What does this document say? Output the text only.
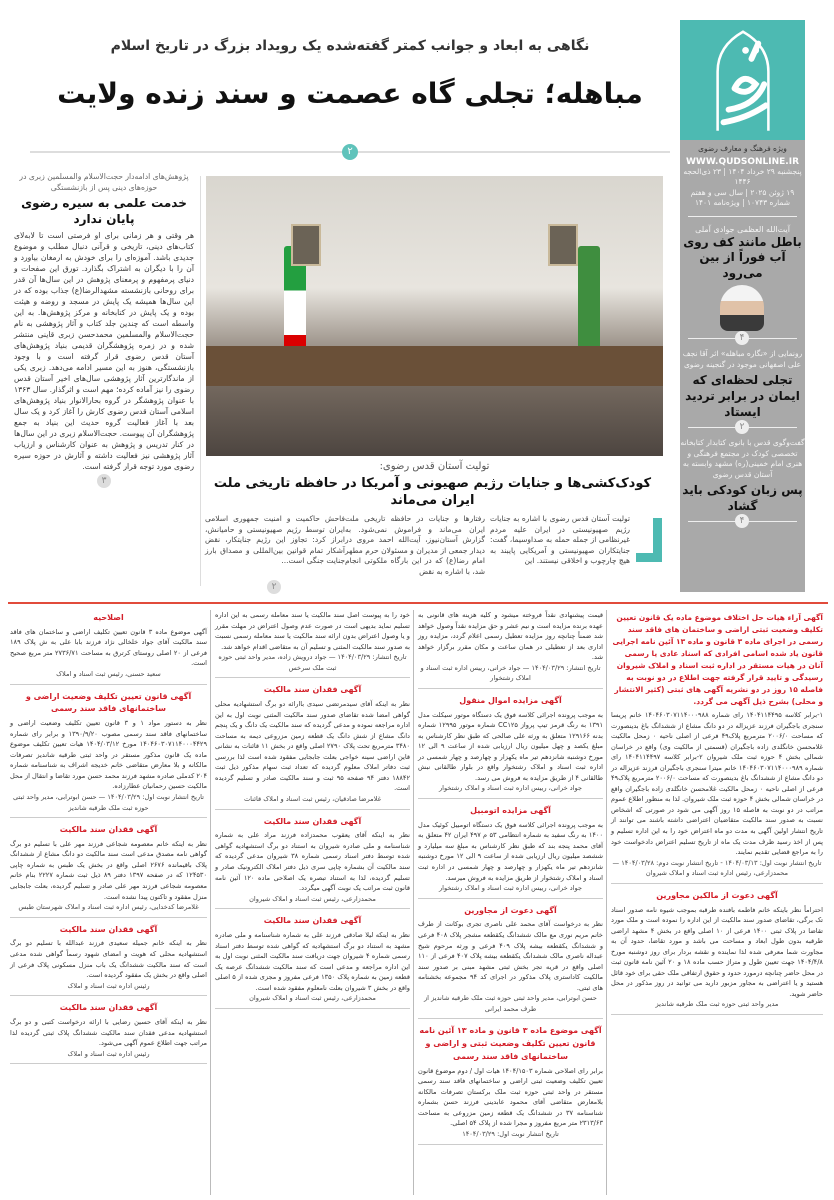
نگاهی به ابعاد و جوانب کمتر گفته‌شده یک رویداد بزرگ در تاریخ اسلام
مباهله؛ تجلی گاه عصمت و سند زنده ولایت
۲	ویژه فرهنگ و معارف رضوی
WWW.QUDSONLINE.IR
پنجشنبه ۲۹ خرداد ۱۴۰۴ | ۲۳ ذی‌الحجه ۱۴۴۶
۱۹ ژوئن ۲۰۲۵ | سال سی‌ و هفتم
شماره ۱۰۷۴۳ | ویژه‌نامه ۱۴۰۱
آیت‌الله العظمی جوادی آملی
باطل مانند کف روی آب فوراً از بین می‌رود
۴
رونمایی از «نگاره مباهله» اثر آقا نجف علی اصفهانی موجود در گنجینه رضوی
تجلی لحظه‌ای که ایمان در برابر تردید ایستاد
۲
گفت‌وگوی قدس با بانوی کتابدار کتابخانه تخصصی کودک در مجتمع فرهنگی و هنری امام خمینی(ره) مشهد وابسته به آستان قدس رضوی
پس زبان کودکی باید گشاد
۴
پژوهش‌های ادامه‌دار حجت‌الاسلام والمسلمین زبری در حوزه‌های دینی پس از بازنشستگی
خدمت علمی به سیره رضوی پایان ندارد
هر وقتی و هر زمانی برای او فرصتی است تا لابه‌لای کتاب‌های دینی، تاریخی و قرآنی دنبال مطلب و موضوع جدیدی باشد. آموزه‌ای را برای خودش به ارمغان بیاورد و آن را با دیگران به اشتراک بگذارد. تورق این صفحات و دنیای پرمفهوم و پرمعنای پژوهش در این سال‌ها آن قدر برای روحانی بازنشسته مشهدالرضا(ع) جذاب بوده که در این سال‌ها همیشه یک پایش در مسجد و روضه و هیئت بوده و یک پایش در کتابخانه و مرکز پژوهش‌ها. به این واسطه است که چندین جلد کتاب و آثار پژوهشی به نام حجت‌الاسلام والمسلمین محمدحسن زبری قاینی منتشر شده و در زمره پژوهشگران قدیمی بنیاد پژوهش‌های آستان قدس رضوی قرار گرفته است و با وجود بازنشستگی، هنوز به این مسیر ادامه می‌دهد. زبری یکی از ماندگارترین آثار پژوهشی سال‌های اخیر آستان قدس رضوی را نیز آماده کرده؛ مهم است و اثرگذار. سال ۱۳۶۳ با عنوان پژوهشگر در گروه بحارالانوار بنیاد پژوهش‌های اسلامی آستان قدس رضوی کارش را آغاز کرد و یک سال بعد با آغاز فعالیت گروه حدیث این بنیاد به جمع پژوهشگران آن پیوست. حجت‌الاسلام زبری در این سال‌ها در کنار تدریس و پژوهش به عنوان کارشناس و ارزیاب آثار پژوهشی نیز فعالیت داشته و آثارش در حوزه سیره رضوی مورد توجه قرار گرفته است.
۳
تولیت آستان قدس رضوی:
کودک‌کشی‌ها و جنایات رژیم صهیونی و آمریکا در حافظه تاریخی ملت ایران می‌ماند
تولیت آستان قدس رضوی با اشاره به جنایات رژیم صهیونیستی در ایران علیه مردم غیرنظامی از جمله حمله به صداوسیما، گفت: جنایتکاران صهیونیستی و آمریکایی پایبند به هیچ چارچوب و اخلاقی نیستند. این
رفتارها و جنایات در حافظه تاریخی ملت ایران می‌ماند و فراموش نمی‌شود. به گزارش آستان‌نیوز، آیت‌الله احمد مروی در دیدار جمعی از مدیران و مسئولان حرم مطهر امام رضا(ع) که در این بارگاه ملکوتی انجام شد، با اشاره به نقض
فاحش حاکمیت و امنیت جمهوری اسلامی ایران توسط رژیم صهیونیستی و حامیانش، ابراز کرد: تجاوز این رژیم جنایتکار، نقض آشکار تمام قوانین بین‌المللی و مصداق بارز جنایت جنگی است...
۲
آگهی آراء هیات حل اختلاف موضوع ماده یک قانون تعیین تکلیف وضعیت ثبتی اراضی و ساختمان های فاقد سند رسمی در اجرای ماده ۳ قانون و ماده ۱۳ آئین نامه اجرایی قانون یاد شده اسامی افرادی که اسناد عادی یا رسمی آنان در هیات مستقر در اداره ثبت اسناد و املاک شیروان رسیدگی و تایید قرار گرفته جهت اطلاع در دو نوبت به فاصله ۱۵ روز در دو نشریه آگهی های ثبتی (کثیر الانتشار و محلی) بشرح ذیل آگهی می گردد.
۱-برابر کلاسه ۱۴۰۴۱۱۴۴۹۵ رای شماره ۱۴۰۴۶۰۳۰۷۱۱۴۰۰۰۹۸۸ خانم پریسا سنجری باجگیران فرزند عزیزاله در دو دانگ مشاع از ششدانگ باغ بدینصورت که مساحت ۲۰۰۶/۰ مترمربع پلاک۴۹ فرعی از اصلی ناحیه ۰ زمحل مالکیت غلامحسن خانگلدی زاده باجگیران (قسمتی از مالکیت وی) واقع در خراسان شمالی بخش ۴ حوزه ثبت ملک شیروان ۲-برابر کلاسه ۱۴۰۴۱۱۴۴۹۷ رای شماره ۱۴۰۴۶۰۳۰۷۱۱۴۰۰۰۹۸۹ خانم میترا سنجری باجگیران فرزند عزیزاله در دو دانگ مشاع از ششدانگ باغ بدینصورت که مساحت ۲۰۰۶/۰ مترمربع پلاک۴۹ فرعی از اصلی ناحیه ۰ زمحل مالکیت غلامحسن خانگلدی زاده باجگیران واقع در خراسان شمالی بخش ۴ حوزه ثبت ملک شیروان. لذا به منظور اطلاع عموم مراتب در دو نوبت به فاصله ۱۵ روز آگهی می شود در صورتی که اشخاص نسبت به صدور سند مالکیت متقاضیان اعتراضی داشته باشند می توانند از تاریخ انتشار اولین آگهی به مدت دو ماه اعتراض خود را به این اداره تسلیم و پس از اخذ رسید ظرف مدت یک ماه از تاریخ تسلیم اعتراض دادخواست خود را به مراجع قضایی تقدیم نمایند.
تاریخ انتشار نوبت اول: ۱۴۰۴/۰۳/۱۳ - تاریخ انتشار نوبت دوم: ۱۴۰۴/۰۳/۲۸ — محمدزارعی، رئیس اداره ثبت اسناد و املاک شیروان
آگهی دعوت از مالکین مجاورین
احتراماً نظر باینکه خانم فاطمه بافنده طرقبه بموجب شیوه نامه صدور اسناد تک برگی، تقاضای صدور سند مالکیت از این اداره را نموده است و ملک مورد تقاضا در پلاک ثبتی ۱۴۰۰ فرعی از ۱۰ اصلی واقع در بخش ۴ مشهد اراضی طرقبه بدون طول ابعاد و مساحت می باشد و مورد تقاضا، حدود آن به مجاورت شما معرفی شده لذا نماینده و نقشه بردار برای روز دوشنبه مورخ ۱۴۰۴/۴/۸ جهت تعیین طول و متراژ حسب ماده ۱۸ و ۲۰ آئین نامه قانون ثبت در محل حاضر چنانچه درمورد حدود و حقوق ارتفاقی ملک حقی برای خود قائل هستید و یا اعتراضی به مجاور مزبور دارید می توانید در روز مذکور در محل حاضر شوید.
مدیر واحد ثبتی حوزه ثبت ملک طرقبه شاندیز
قیمت پیشنهادی نقداً فروخته میشود و کلیه هزینه های قانونی به عهده برنده مزایده است و نیم عشر و حق مزایده نقداً وصول خواهد شد ضمناً چنانچه روز مزایده تعطیل رسمی اعلام گردد، مزایده روز اداری بعد از تعطیلی در همان ساعت و مکان مقرر برگزار خواهد شد.
تاریخ انتشار: ۱۴۰۴/۰۳/۲۹ — جواد خرانی، رییس اداره ثبت اسناد و املاک رشتخوار
آگهی مزایده اموال منقول
به موجب پرونده اجرائی کلاسه فوق یک دستگاه موتور سیکلت مدل ۱۳۹۱ به رنگ قرمز تیپ پرواز CC۱۲۵ شماره موتور ۱۲۹۹۵ شماره بدنه ۱۲۹۱۶۶ متعلق به ورثه علی صالحی که طبق نظر کارشناس به مبلغ یکصد و چهل میلیون ریال ارزیابی شده از ساعت ۹ الی ۱۲ مورخ دوشنبه شانزدهم تیر ماه یکهزار و چهارصد و چهار شمسی در اداره ثبت اسناد و املاک رشتخوار واقع در بلوار طالقانی نبش طالقانی ۴ از طریق مزایده به فروش می رسد.
جواد خرانی، رییس اداره ثبت اسناد و املاک رشتخوار
آگهی مزایده اتومبیل
به موجب پرونده اجرائی کلاسه فوق یک دستگاه اتومبیل کوئیک مدل ۱۴۰۰ به رنگ سفید به شماره انتظامی ۵۳ م ۴۹۷ ایران ۴۲ متعلق به آقای محمد پنجه بند که طبق نظر کارشناس به مبلغ سه میلیارد و ششصد میلیون ریال ارزیابی شده از ساعت ۹ الی ۱۲ مورخ دوشنبه شانزدهم تیر ماه یکهزار و چهارصد و چهار شمسی در اداره ثبت اسناد و املاک رشتخوار از طریق مزایده به فروش میرسد.
جواد خرانی، رییس اداره ثبت اسناد و املاک رشتخوار
آگهی دعوت از مجاورین
نظر به درخواست آقای محمد علی ناصری تجری بوکانت از طرف خانم مریم نوری مع مالک ششدانگ یکقطعه مشجر پلاک ۴۰۸ فرعی و ششدانگ یکقطعه بیشه پلاک ۴۰۹ فرعی و ورثه مرحوم شیخ عبداله ناصری مالک ششدانگ یکقطعه بیشه پلاک ۴۰۷ فرعی از ۱۱۰ اصلی واقع در قریه تجر بخش ثبتی مشهد مبنی بر صدور سند مالکیت کاداستری پلاک مذکور در اجرای کد ۹۴ مجموعه بخشنامه های ثبتی.
حسن ابوترابی، مدیر واحد ثبتی حوزه ثبت ملک طرقبه شاندیز از طرف محمد ایرانی
آگهی موضوع ماده ۳ قانون و ماده ۱۳ آئین نامه قانون تعیین تکلیف وضعیت ثبتی و اراضی و ساختمانهای فاقد سند رسمی
برابر رای اصلاحی شماره ۱۴۰۴/۱۵۰۳ هیات اول / دوم موضوع قانون تعیین تکلیف وضعیت ثبتی اراضی و ساختمانهای فاقد سند رسمی مستقر در واحد ثبتی حوزه ثبت ملک برکستان تصرفات مالکانه بلامعارض متقاضی آقای محمود عابدینی فرزند حسن بشماره شناسنامه ۳۷ در ششدانگ یک قطعه زمین مزروعی به مساحت ۲۳۱۳/۶۳ متر مربع مفروز و مجرا شده از پلاک ۵۴ اصلی.
تاریخ انتشار نوبت اول: ۱۴۰۴/۰۳/۲۹
خود را به پیوست اصل سند مالکیت یا سند معامله رسمی به این اداره تسلیم نماید بدیهی است در صورت عدم وصول اعتراض در مهلت مقرر و یا وصول اعتراض بدون ارائه سند مالکیت یا سند معامله رسمی نسبت به صدور سند مالکیت المثنی و تسلیم آن به متقاضی اقدام خواهد شد.
تاریخ انتشار: ۱۴۰۴/۰۳/۲۹ — جواد درویش زاده، مدیر واحد ثبتی حوزه ثبت ملک سرخس
آگهی فقدان سند مالکیت
نظر به اینکه آقای سیدمرتضی سیدی باارائه دو برگ استشهادیه محلی گواهی امضا شده تقاضای صدور سند مالکیت المثنی نوبت اول به این اداره مراجعه نموده و مدعی گردیده که سند مالکیت یک دانگ و یک پنجم دانگ مشاع از شش دانگ یک قطعه زمین مزروعی دیمه به مساحت ۳۴۸۰ مترمربع تحت پلاک ۲۷۹۰ اصلی واقع در بخش ۱۱ قائنات به نشانی قاین اراضی سینه خواجی بعلت جابجایی مفقود شده است لذا بررسی ثبت دفاتر املاک معلوم گردیده که تعداد ثبت سهام مذکور ذیل ثبت ۱۸۸۴۲ دفتر ۹۴ صفحه ۹۵ ثبت و سند مالکیت صادر و تسلیم گردیده است.
غلامرضا صادقیان، رئیس ثبت اسناد و املاک قائنات
آگهی فقدان سند مالکیت
نظر به اینکه آقای یعقوب محمدزاده فرزند مراد علی به شماره شناسنامه و ملی صادره شیروان به استناد دو برگ استشهادیه گواهی شده توسط دفتر اسناد رسمی شماره ۳۸ شیروان مدعی گردیده که سند مالکیت آن بشماره چاپی سری ذیل دفتر املاک الکترونیک صادر و تسلیم گردیده، لذا به استناد تبصره یک اصلاحی ماده ۱۲۰ آئین نامه قانون ثبت مراتب یک نوبت آگهی میگردد.
محمدزارعی، رئیس ثبت اسناد و املاک شیروان
آگهی فقدان سند مالکیت
نظر به اینکه لیلا صادقی فرزند علی به شماره شناسنامه و ملی صادره مشهد به استناد دو برگ استشهادیه که گواهی شده توسط دفتر اسناد رسمی شماره ۴ شیروان جهت دریافت سند مالکیت المثنی نوبت اول به این اداره مراجعه و مدعی است که سند مالکیت ششدانگ عرصه یک قطعه زمین به شماره پلاک ۱۳۵۰ فرعی مفروز و مجزی شده از ۵ اصلی واقع در بخش ۳ شیروان بعلت نامعلوم مفقود شده است.
محمدزارعی، رئیس ثبت اسناد و املاک شیروان
اصلاحیه
آگهی موضوع ماده ۳ قانون تعیین تکلیف اراضی و ساختمان های فاقد سند مالکیت آقای جواد خلخالی نژاد فرزند بابا علی به ش پلاک ۱۸۹ فرعی از ۲۰ اصلی روستای کرترق به مساحت ۲۷۳۶/۷۱ متر مربع صحیح است.
سعید حسنی، رئیس ثبت اسناد و املاک
آگهی قانون تعیین تکلیف وضعیت اراضی و ساختمانهای فاقد سند رسمی
نظر به دستور مواد ۱ و ۳ قانون تعیین تکلیف وضعیت اراضی و ساختمانهای فاقد سند رسمی مصوب ۱۳۹۰/۹/۲۰ و برابر رای شماره ۱۴۰۴۶۰۳۰۷۱۱۴۰۰۰۴۴۲۹ مورخ ۱۴۰۴/۰۳/۱۲ هیات تعیین تکلیف موضوع ماده یک قانون مذکور مستقر در واحد ثبتی طرقبه شاندیز تصرفات مالکانه و بلا معارض متقاضی خانم خدیجه اشراف به شناسنامه شماره ۲۰۴ کدملی صادره مشهد فرزند محمد حسن مورد تقاضا و انتقال از محل مالکیت حسین رحمانیان عطارزاده.
تاریخ انتشار نوبت اول: ۱۴۰۴/۰۳/۲۹ — حسن ابوترابی، مدیر واحد ثبتی حوزه ثبت ملک طرقبه شاندیز
آگهی فقدان سند مالکیت
نظر به اینکه خانم معصومه شجاعی فرزند مهر علی با تسلیم دو برگ گواهی نامه مصدق مدعی است سند مالکیت دو دانگ مشاع از ششدانگ پلاک باقیمانده ۲۶۷۶ اصلی واقع در بخش یک طبس به شماره چاپی ۱۲۴۵۳۰ که در صفحه ۱۳۹۷ دفتر ۸۹ ذیل ثبت شماره ۲۲۲۷ بنام خانم معصومه شجاعی فرزند مهر علی صادر و تسلیم گردیده، بعلت جابجایی منزل مفقود و تاکنون پیدا نشده است.
غلامرضا کدخدایی، رئیس اداره ثبت اسناد و املاک شهرستان طبس
آگهی فقدان سند مالکیت
نظر به اینکه خانم جمیله سعیدی فرزند عبدالله با تسلیم دو برگ استشهادیه محلی که هویت و امضای شهود رسماً گواهی شده مدعی است که سند مالکیت ششدانگ یک باب منزل مسکونی پلاک فرعی از اصلی واقع در بخش یک مفقود گردیده است.
رئیس اداره ثبت اسناد و املاک
آگهی فقدان سند مالکیت
نظر به اینکه آقای حسین رضایی با ارائه درخواست کتبی و دو برگ استشهادیه مدعی فقدان سند مالکیت ششدانگ پلاک ثبتی گردیده لذا مراتب جهت اطلاع عموم آگهی می‌شود.
رئیس اداره ثبت اسناد و املاک
